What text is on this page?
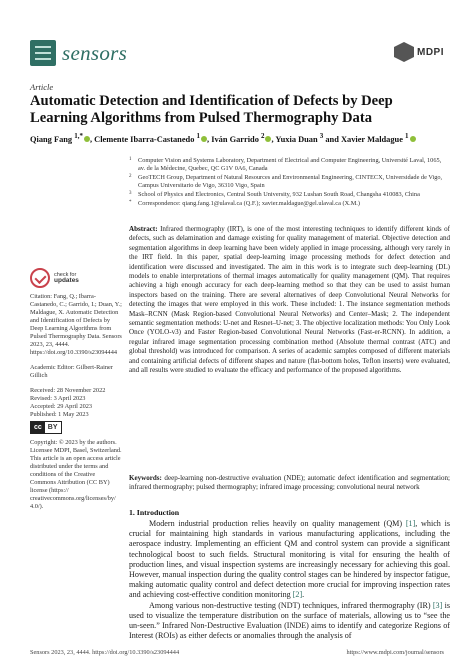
sensors	MDPI
Article
Automatic Detection and Identification of Defects by Deep Learning Algorithms from Pulsed Thermography Data
Qiang Fang $^{1,*}$ , Clemente Ibarra-Castanedo $^1$ , Iván Garrido $^2$ , Yuxia Duan $^3$ and Xavier Maldague $^1$
1 Computer Vision and Systems Laboratory, Department of Electrical and Computer Engineering, Université Laval, 1065, av. de la Médecine, Quebec, QC G1V 0A6, Canada
2 GeoTECH Group, Department of Natural Resources and Environmental Engineering, CINTECX, Universidade de Vigo, Campus Universitario de Vigo, 36310 Vigo, Spain
3 School of Physics and Electronics, Central South University, 932 Lushan South Road, Changsha 410083, China
* Correspondence: qiang.fang.1@ulaval.ca (Q.F.); xavier.maldague@gel.ulaval.ca (X.M.)
Abstract: Infrared thermography (IRT), is one of the most interesting techniques to identify different kinds of defects, such as delamination and damage existing for quality management of material. Objective detection and segmentation algorithms in deep learning have been widely applied in image processing, although very rarely in the IRT field. In this paper, spatial deep-learning image processing methods for defect detection and identification were discussed and investigated. The aim in this work is to integrate such deep-learning (DL) models to enable interpretations of thermal images automatically for quality management (QM). That requires achieving a high enough accuracy for each deep-learning method so that they can be used to assist human inspectors based on the training. There are several alternatives of deep Convolutional Neural Networks for detecting the images that were employed in this work. These included: 1. The instance segmentation methods Mask–RCNN (Mask Region-based Convolutional Neural Networks) and Center–Mask; 2. The independent semantic segmentation methods: U-net and Resnet–U-net; 3. The objective localization methods: You Only Look Once (YOLO-v3) and Faster Region-based Convolutional Neural Networks (Fast-er-RCNN). In addition, a regular infrared image segmentation processing combination method (Absolute thermal contrast (ATC) and global threshold) was introduced for comparison. A series of academic samples composed of different materials and containing artificial defects of different shapes and nature (flat-bottom holes, Teflon inserts) were evaluated, and all results were studied to evaluate the efficacy and performance of the proposed algorithms.
Keywords: deep-learning non-destructive evaluation (NDE); automatic defect identification and segmentation; infrared thermography; pulsed thermography; infrared image processing; convolutional neural network
check for
updates
Citation: Fang, Q.; Ibarra-Castanedo, C.; Garrido, I.; Duan, Y.; Maldague, X. Automatic Detection and Identification of Defects by Deep Learning Algorithms from Pulsed Thermography Data. Sensors 2023, 23, 4444. https://doi.org/10.3390/s23094444
Academic Editor: Gilbert-Rainer Gillich
Received: 28 November 2022
Revised: 3 April 2023
Accepted: 29 April 2023
Published: 1 May 2023
cc BY
Copyright: © 2023 by the authors. Licensee MDPI, Basel, Switzerland. This article is an open access article distributed under the terms and conditions of the Creative Commons Attribution (CC BY) license (https:// creativecommons.org/licenses/by/ 4.0/).
1. Introduction

Modern industrial production relies heavily on quality management (QM) [1], which is crucial for maintaining high standards in various manufacturing applications, including the aerospace industry. Implementing an efficient QM and control system can provide a significant technological boost to such fields. Structural monitoring is vital for ensuring the health of production lines, and visual inspection systems are increasingly necessary for achieving this goal. However, manual inspection during the quality control stages can be hindered by inspector fatigue, making automatic quality control and defect detection more crucial for improving inspection rates and achieving cost-effective condition monitoring [2].

Among various non-destructive testing (NDT) techniques, infrared thermography (IR) [3] is used to visualize the temperature distribution on the surface of materials, allowing us to “see the un-seen.” Infrared Non-Destructive Evaluation (INDE) aims to identify and categorize Regions of Interest (ROIs) as either defects or anomalies through the analysis of

Sensors 2023, 23, 4444. https://doi.org/10.3390/s23094444	https://www.mdpi.com/journal/sensors
